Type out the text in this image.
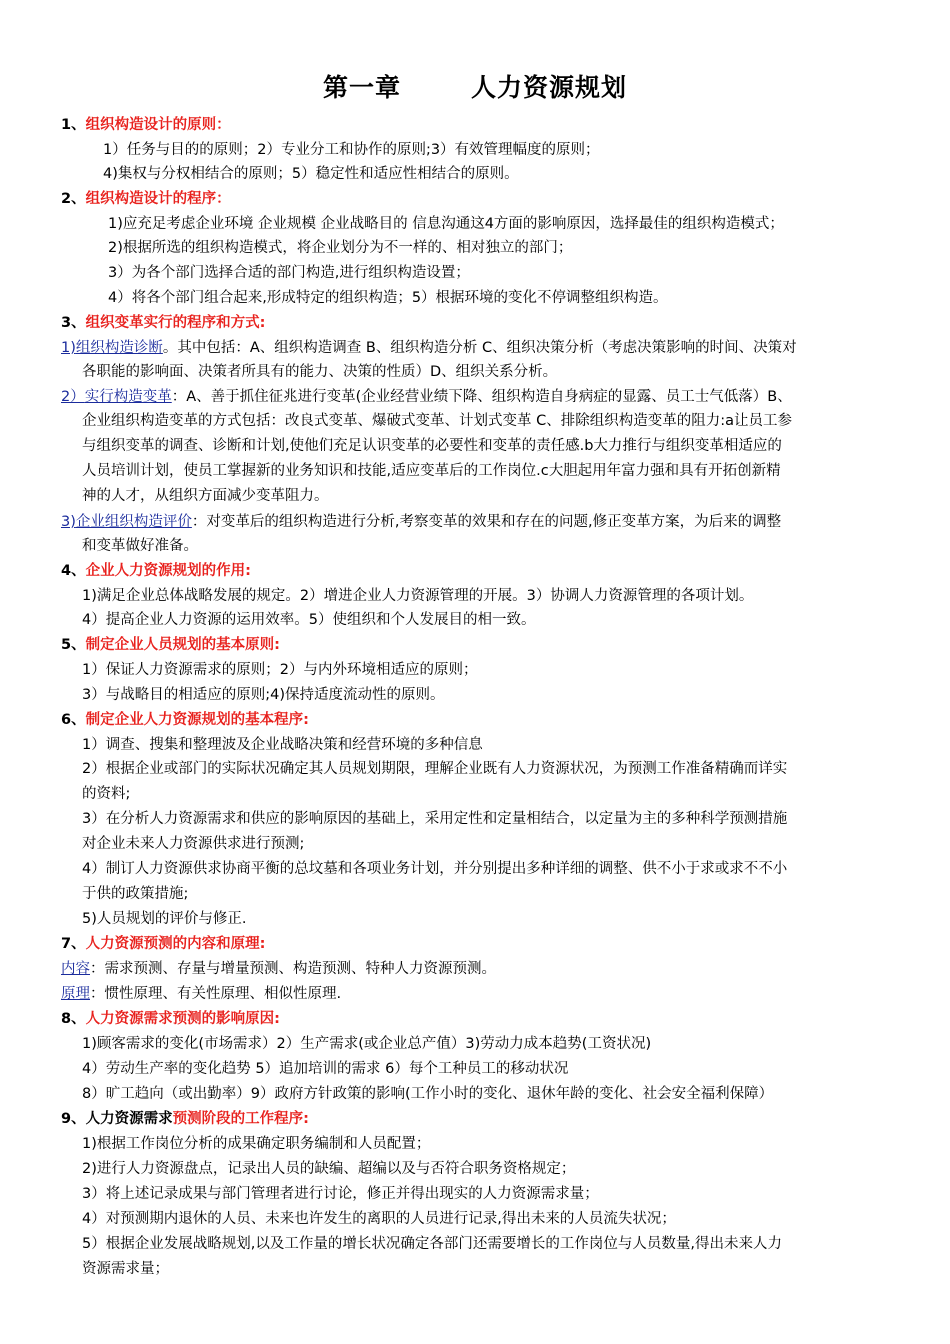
第一章	人力资源规划
1、组织构造设计的原则：
1）任务与目的的原则；2）专业分工和协作的原则;3）有效管理幅度的原则；
4)集权与分权相结合的原则；5）稳定性和适应性相结合的原则。
2、组织构造设计的程序：
1)应充足考虑企业环境 企业规模 企业战略目的 信息沟通这4方面的影响原因，选择最佳的组织构造模式；
2)根据所选的组织构造模式，将企业划分为不一样的、相对独立的部门；
3）为各个部门选择合适的部门构造,进行组织构造设置；
4）将各个部门组合起来,形成特定的组织构造；5）根据环境的变化不停调整组织构造。
3、组织变革实行的程序和方式:
1)组织构造诊断。其中包括：A、组织构造调查 B、组织构造分析 C、组织决策分析（考虑决策影响的时间、决策对
各职能的影响面、决策者所具有的能力、决策的性质）D、组织关系分析。
2）实行构造变革：A、善于抓住征兆进行变革(企业经营业绩下降、组织构造自身病症的显露、员工士气低落）B、
企业组织构造变革的方式包括：改良式变革、爆破式变革、计划式变革 C、排除组织构造变革的阻力:a让员工参
与组织变革的调查、诊断和计划,使他们充足认识变革的必要性和变革的责任感.b大力推行与组织变革相适应的
人员培训计划，使员工掌握新的业务知识和技能,适应变革后的工作岗位.c大胆起用年富力强和具有开拓创新精
神的人才，从组织方面减少变革阻力。
3)企业组织构造评价：对变革后的组织构造进行分析,考察变革的效果和存在的问题,修正变革方案，为后来的调整
和变革做好准备。
4、企业人力资源规划的作用:
1)满足企业总体战略发展的规定。2）增进企业人力资源管理的开展。3）协调人力资源管理的各项计划。
4）提高企业人力资源的运用效率。5）使组织和个人发展目的相一致。
5、制定企业人员规划的基本原则:
1）保证人力资源需求的原则；2）与内外环境相适应的原则；
3）与战略目的相适应的原则;4)保持适度流动性的原则。
6、制定企业人力资源规划的基本程序:
1）调查、搜集和整理波及企业战略决策和经营环境的多种信息
2）根据企业或部门的实际状况确定其人员规划期限，理解企业既有人力资源状况，为预测工作准备精确而详实
的资料;
3）在分析人力资源需求和供应的影响原因的基础上，采用定性和定量相结合，以定量为主的多种科学预测措施
对企业未来人力资源供求进行预测;
4）制订人力资源供求协商平衡的总坟墓和各项业务计划，并分别提出多种详细的调整、供不小于求或求不不小
于供的政策措施;
5)人员规划的评价与修正.
7、人力资源预测的内容和原理:
内容：需求预测、存量与增量预测、构造预测、特种人力资源预测。
原理：惯性原理、有关性原理、相似性原理.
8、人力资源需求预测的影响原因:
1)顾客需求的变化(市场需求）2）生产需求(或企业总产值）3)劳动力成本趋势(工资状况)
4）劳动生产率的变化趋势 5）追加培训的需求 6）每个工种员工的移动状况
8）旷工趋向（或出勤率）9）政府方针政策的影响(工作小时的变化、退休年龄的变化、社会安全福利保障）
9、人力资源需求预测阶段的工作程序:
1)根据工作岗位分析的成果确定职务编制和人员配置；
2)进行人力资源盘点，记录出人员的缺编、超编以及与否符合职务资格规定；
3）将上述记录成果与部门管理者进行讨论，修正并得出现实的人力资源需求量；
4）对预测期内退休的人员、未来也许发生的离职的人员进行记录,得出未来的人员流失状况；
5）根据企业发展战略规划,以及工作量的增长状况确定各部门还需要增长的工作岗位与人员数量,得出未来人力
资源需求量；
